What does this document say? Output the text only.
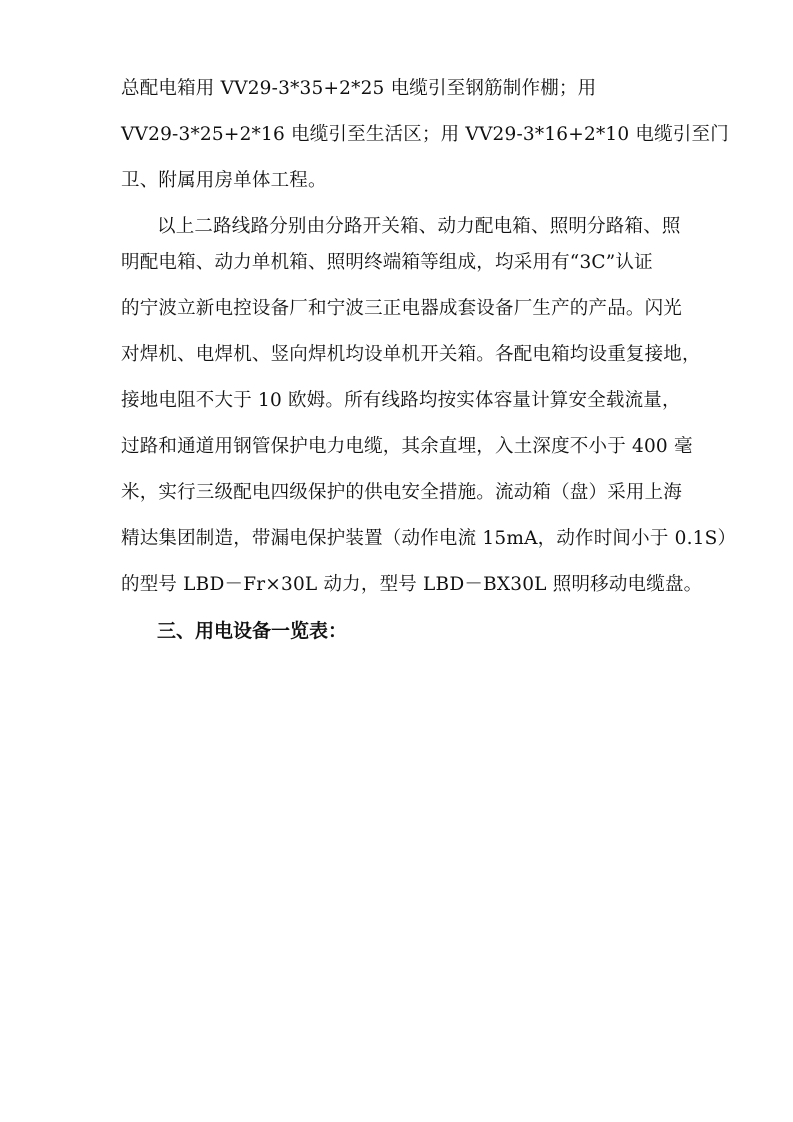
总配电箱用 VV29-3*35+2*25 电缆引至钢筋制作棚；用
VV29-3*25+2*16 电缆引至生活区；用 VV29-3*16+2*10 电缆引至门
卫、附属用房单体工程。
以上二路线路分别由分路开关箱、动力配电箱、照明分路箱、照
明配电箱、动力单机箱、照明终端箱等组成，均采用有“3C”认证
的宁波立新电控设备厂和宁波三正电器成套设备厂生产的产品。闪光
对焊机、电焊机、竖向焊机均设单机开关箱。各配电箱均设重复接地，
接地电阻不大于 10 欧姆。所有线路均按实体容量计算安全载流量，
过路和通道用钢管保护电力电缆，其余直埋，入土深度不小于 400 毫
米，实行三级配电四级保护的供电安全措施。流动箱（盘）采用上海
精达集团制造，带漏电保护装置（动作电流 15mA，动作时间小于 0.1S）
的型号 LBD－Fr×30L 动力，型号 LBD－BX30L 照明移动电缆盘。
三、用电设备一览表：
